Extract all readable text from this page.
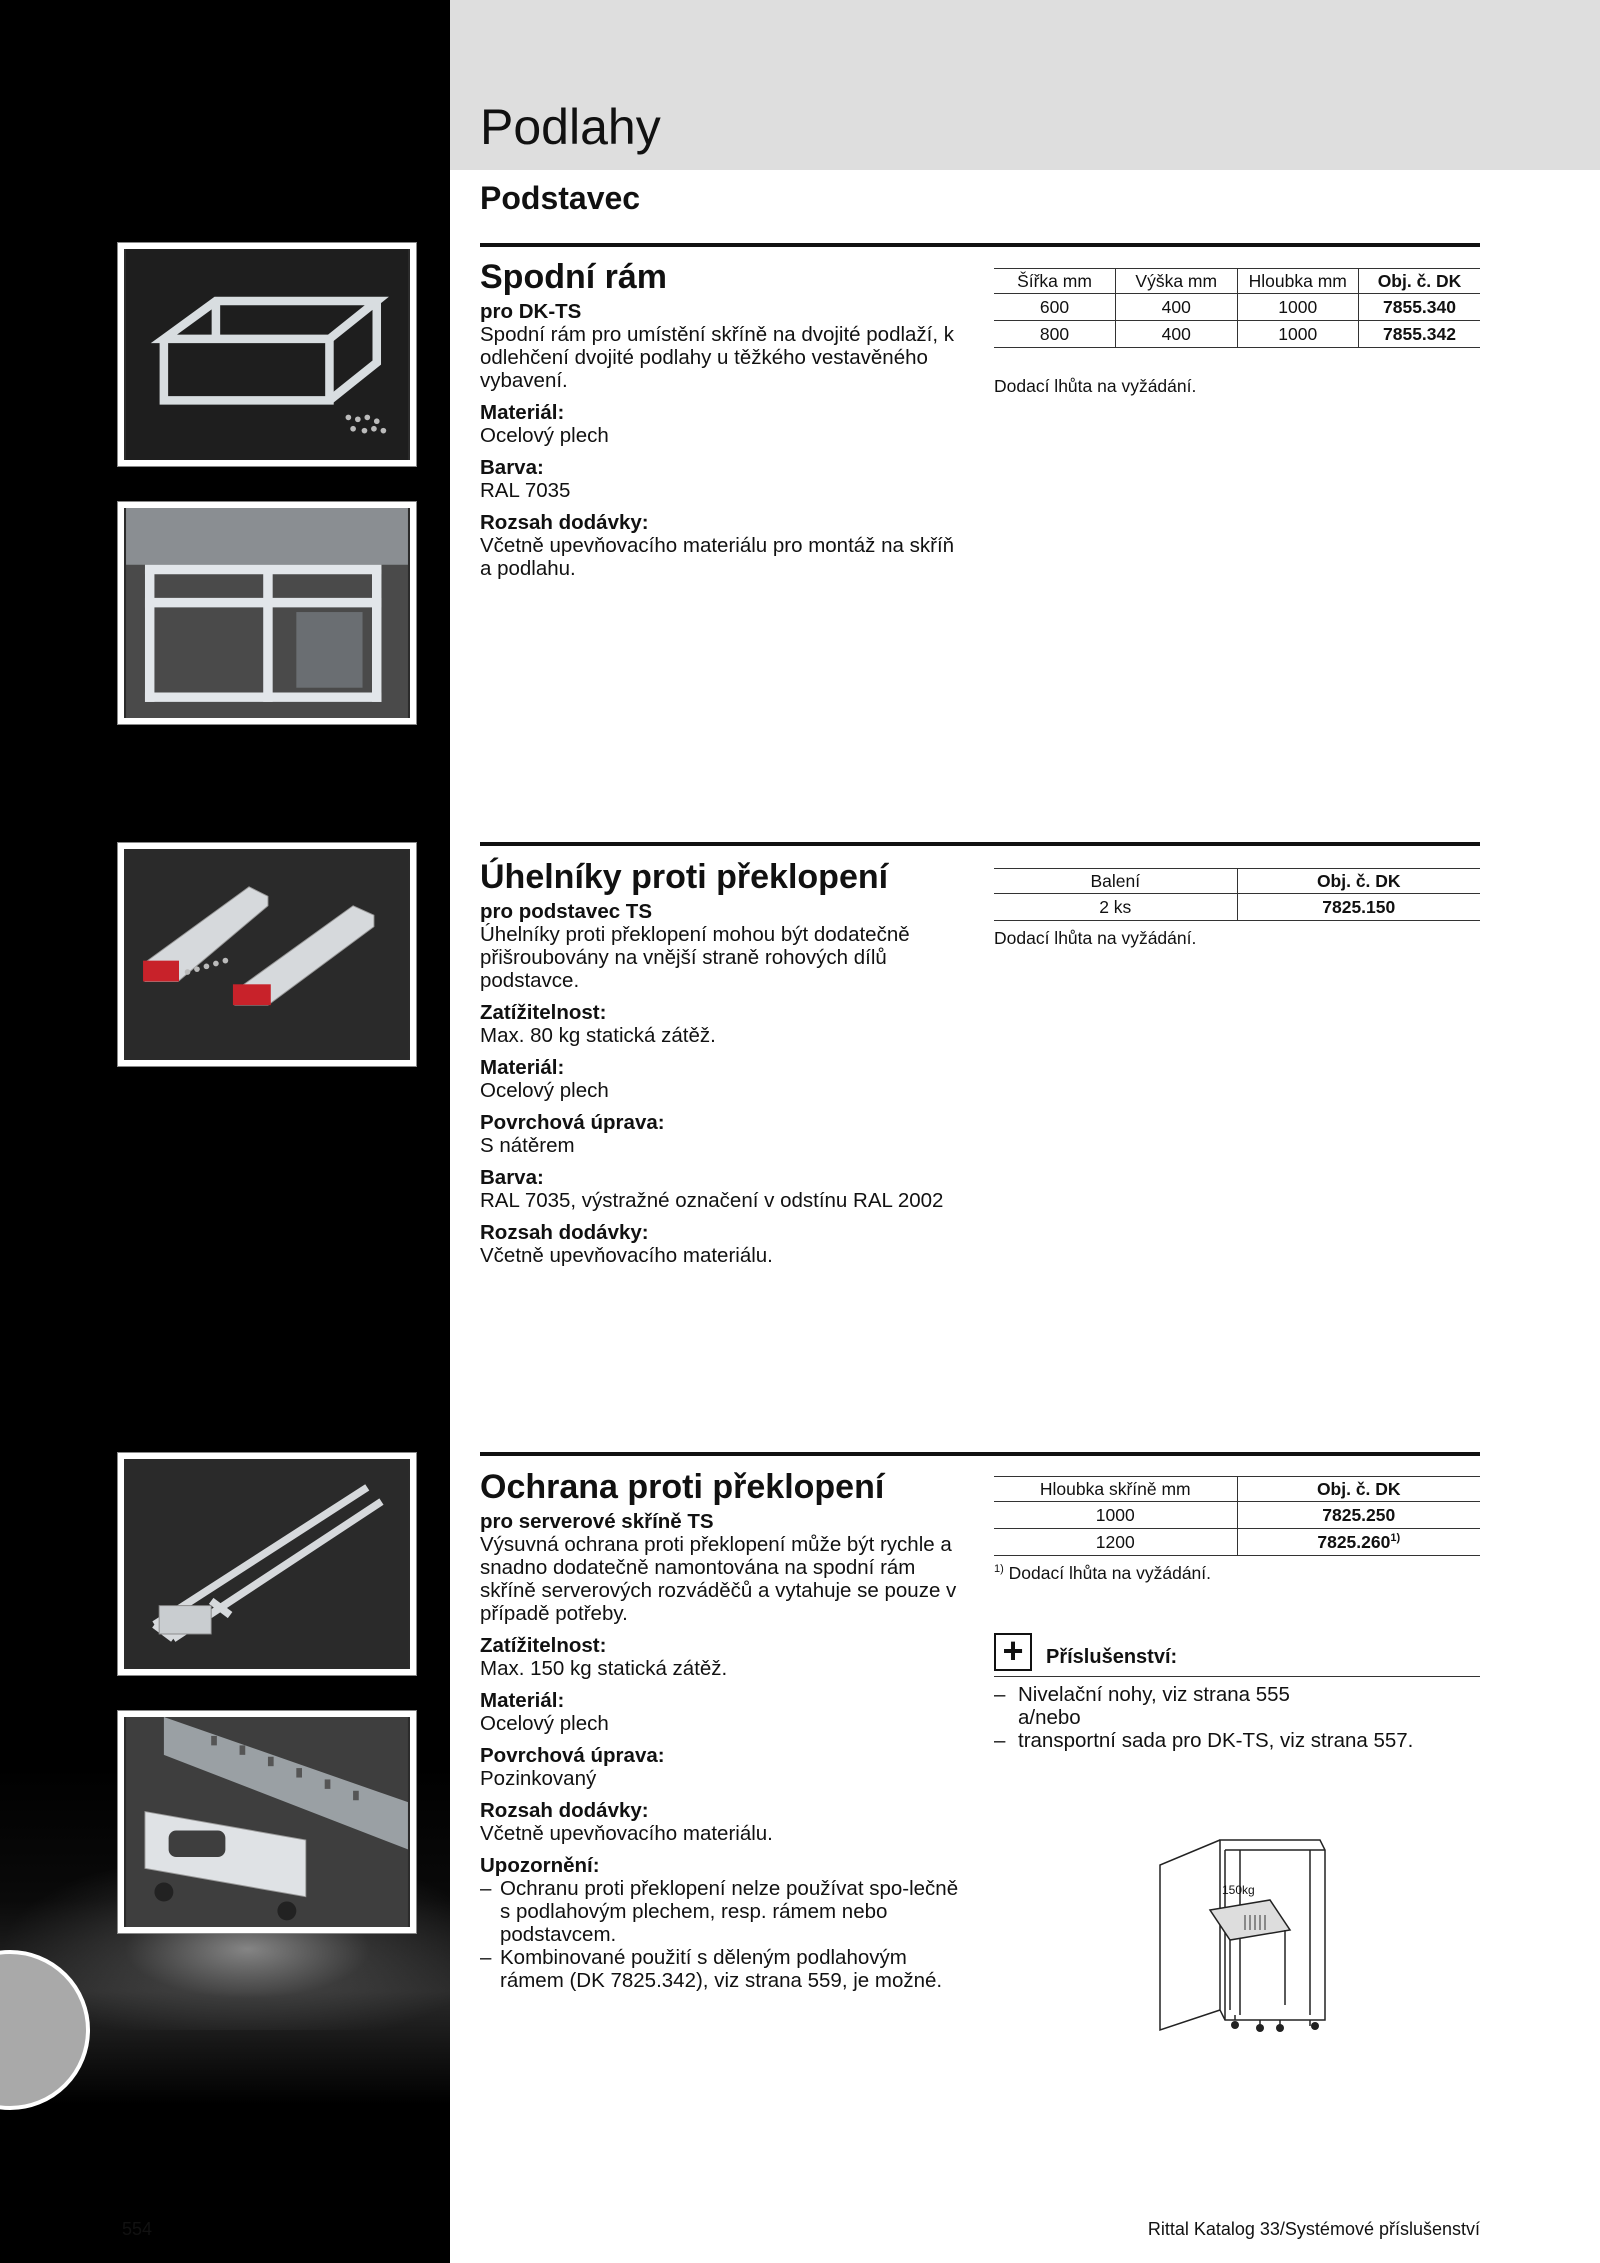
Podlahy
Podstavec
Spodní rám
pro DK-TS
Spodní rám pro umístění skříně na dvojité podlaží, k odlehčení dvojité podlahy u těžkého vestavěného vybavení.
Materiál:
Ocelový plech
Barva:
RAL 7035
Rozsah dodávky:
Včetně upevňovacího materiálu pro montáž na skříň a podlahu.
Šířka mm	Výška mm	Hloubka mm	Obj. č. DK
600	400	1000	7855.340
800	400	1000	7855.342
Dodací lhůta na vyžádání.
Úhelníky proti překlopení
pro podstavec TS
Úhelníky proti překlopení mohou být dodatečně přišroubovány na vnější straně rohových dílů podstavce.
Zatížitelnost:
Max. 80 kg statická zátěž.
Materiál:
Ocelový plech
Povrchová úprava:
S nátěrem
Barva:
RAL 7035, výstražné označení v odstínu RAL 2002
Rozsah dodávky:
Včetně upevňovacího materiálu.
Balení	Obj. č. DK
2 ks	7825.150
Dodací lhůta na vyžádání.
Ochrana proti překlopení
pro serverové skříně TS
Výsuvná ochrana proti překlopení může být rychle a snadno dodatečně namontována na spodní rám skříně serverových rozváděčů a vytahuje se pouze v případě potřeby.
Zatížitelnost:
Max. 150 kg statická zátěž.
Materiál:
Ocelový plech
Povrchová úprava:
Pozinkovaný
Rozsah dodávky:
Včetně upevňovacího materiálu.
Upozornění:
– Ochranu proti překlopení nelze používat spo-lečně s podlahovým plechem, resp. rámem nebo podstavcem.
– Kombinované použití s děleným podlahovým rámem (DK 7825.342), viz strana 559, je možné.
Hloubka skříně mm	Obj. č. DK
1000	7825.250
1200	7825.260$^{1)}$
$^{1)}$ Dodací lhůta na vyžádání.
+	Příslušenství:
– Nivelační nohy, viz strana 555
a/nebo
– transportní sada pro DK-TS, viz strana 557.
150kg
554	Rittal Katalog 33/Systémové příslušenství
